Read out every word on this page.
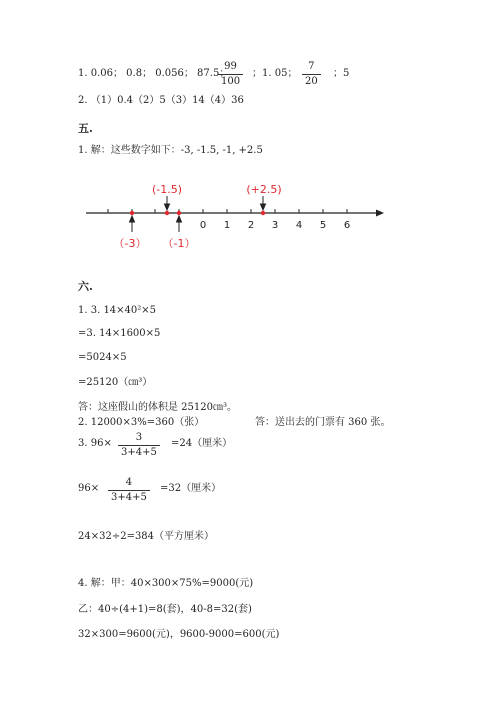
1. 0.06； 0.8； 0.056； 87.5；
$\frac{99}{100}$ ；1. 05； $\frac{7}{20}$ ；5
2. （1）0.4（2）5（3）14（4）36
五.
1. 解：这些数字如下：-3, -1.5, -1, +2.5
0 1 2 3 4 5 6
(-1.5)	(+2.5)
（-3） （-1）
六.
1. 3. 14×40²×5
=3. 14×1600×5
=5024×5
=25120（㎝³）
答：这座假山的体积是 25120㎝³。
2. 12000×3%=360（张）	答：送出去的门票有 360 张。
3. $96\times \frac{3}{3+4+5} =24$（厘米）
$96\times \frac{4}{3+4+5} =32$（厘米）
24×32÷2=384（平方厘米）
4. 解：甲：40×300×75%=9000(元)
乙：40÷(4+1)=8(套)，40-8=32(套)
32×300=9600(元)，9600-9000=600(元)
